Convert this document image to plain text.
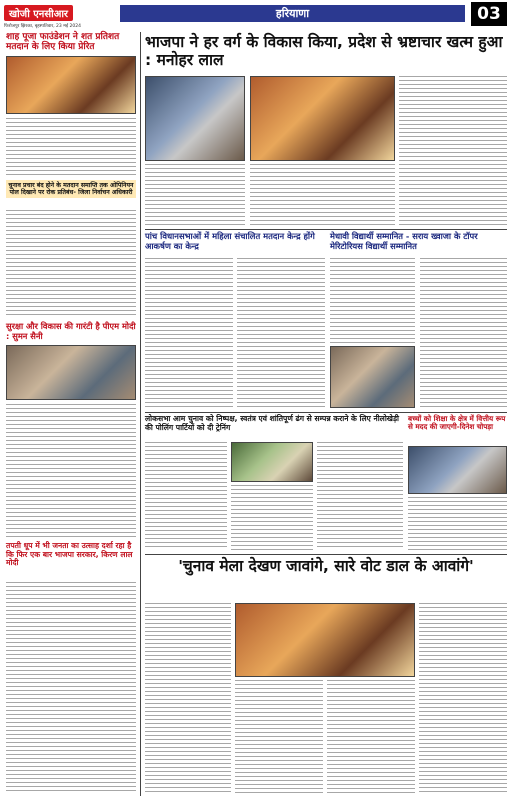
खोजी एनसीआर
फिरोजपुर झिरका, बृहस्पतिवार, 23 मई 2024
हरियाणा	03
शाह पूजा फाउंडेशन ने शत प्रतिशत मतदान के लिए किया प्रेरित
चुनाव प्रचार बंद होने के मतदान समाप्ति तक ओपिनियन पोल दिखाने पर रोक प्रतिबंध- जिला निर्वाचन अधिकारी
सुरक्षा और विकास की गारंटी है पीएम मोदी : सुमन सैनी
तपती धूप में भी जनता का उत्साह दर्शा रहा है कि फिर एक बार भाजपा सरकार, किरण लाल मोदी
भाजपा ने हर वर्ग के विकास किया, प्रदेश से भ्रष्टाचार खत्म हुआ : मनोहर लाल
पांच विधानसभाओं में महिला संचालित मतदान केन्द्र होंगे आकर्षण का केन्द्र
मेधावी विद्यार्थी सम्मानित - सराय ख्वाजा के टॉपर मेरिटोरियस विद्यार्थी सम्मानित
लोकसभा आम चुनाव को निष्पक्ष, स्वतंत्र एवं शांतिपूर्ण ढंग से सम्पन्न कराने के लिए नीलोखेड़ी की पोलिंग पार्टियों को दी ट्रेनिंग
बच्चों को शिक्षा के क्षेत्र में वित्तीय रूप से मदद की जाएगी-दिनेश चोपड़ा
'चुनाव मेला देखण जावांगे, सारे वोट डाल के आवांगे'
